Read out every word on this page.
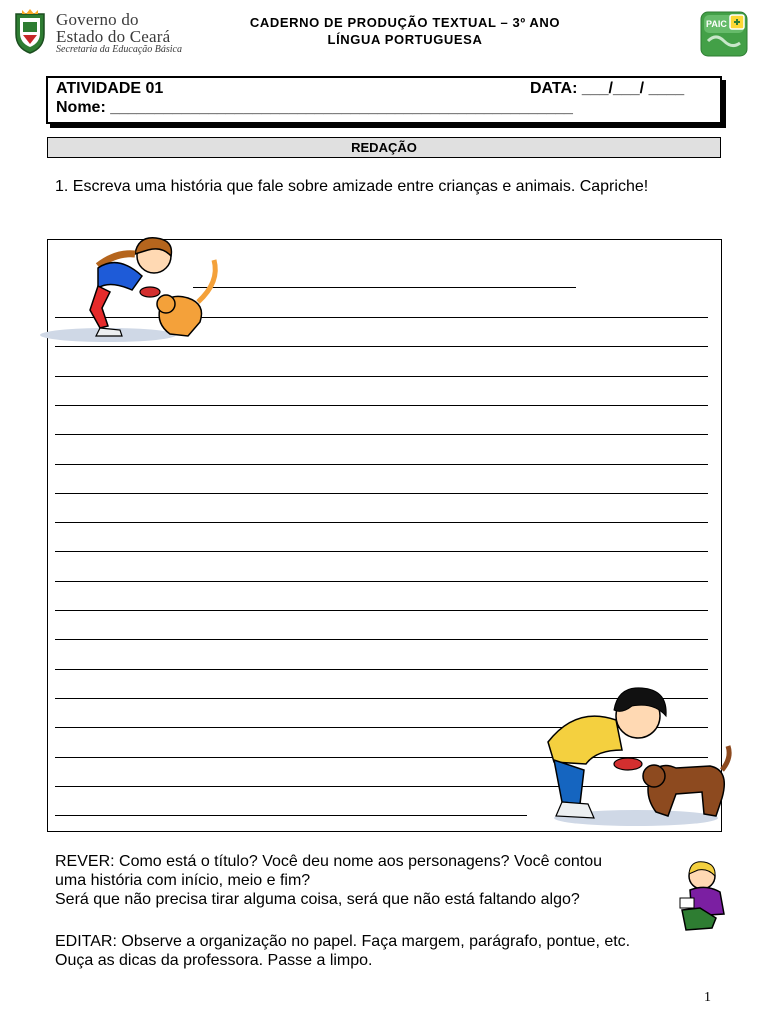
Governo do
Estado do Ceará
Secretaria da Educação Básica
CADERNO DE PRODUÇÃO TEXTUAL – 3º ANO
LÍNGUA PORTUGUESA
PAIC
ATIVIDADE 01	DATA: ___/___/ ____
Nome: ____________________________________________________
REDAÇÃO
1. Escreva uma história que fale sobre amizade entre crianças e animais. Capriche!
REVER: Como está o título? Você deu nome aos personagens? Você contou
uma história com início, meio e fim?
Será que não precisa tirar alguma coisa, será que não está faltando algo?
EDITAR: Observe a organização no papel. Faça margem, parágrafo, pontue, etc.
Ouça as dicas da professora. Passe a limpo.
1
